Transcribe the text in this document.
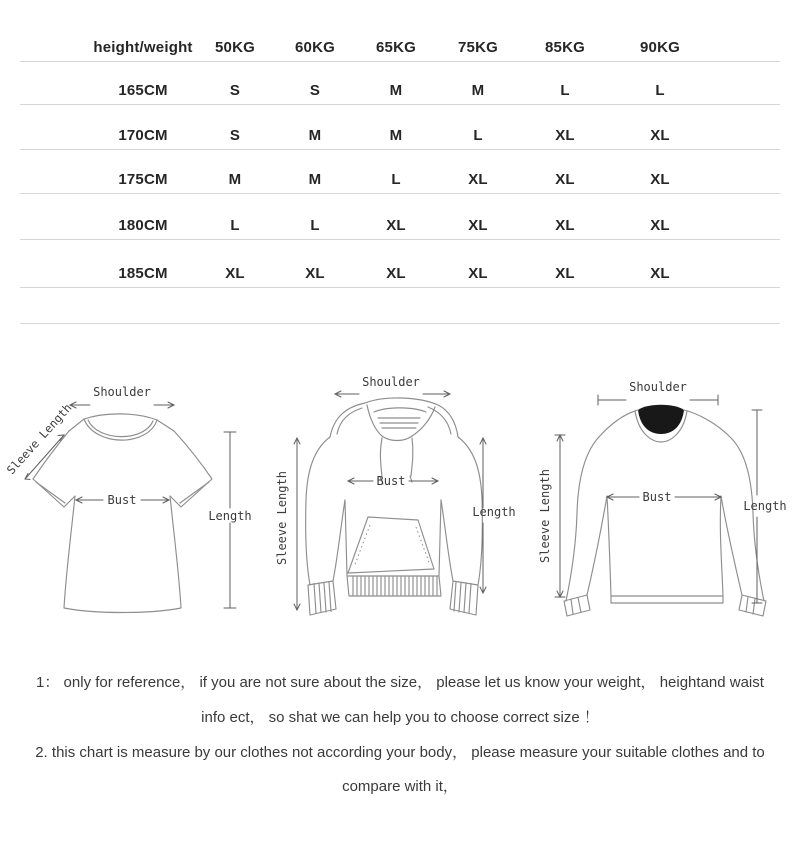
height/weight 50KG	60KG	65KG	75KG	85KG	90KG
165CM	S	S	M	M	L	L
170CM	S	M	M	L	XL	XL
175CM	M	M	L	XL	XL	XL
180CM	L	L	XL	XL	XL	XL
185CM	XL	XL	XL	XL	XL	XL
Shoulder
Sleeve Length
Bust
Length
Shoulder
Sleeve Length	Bust
Length
Shoulder
Sleeve Length	Bust
Length

1： only for reference， if you are not sure about the size， please let us know your weight， heightand waist

info ect， so shat we can help you to choose correct size ！

2. this chart is measure by our clothes not according your body， please measure your suitable clothes and to

compare with it，
